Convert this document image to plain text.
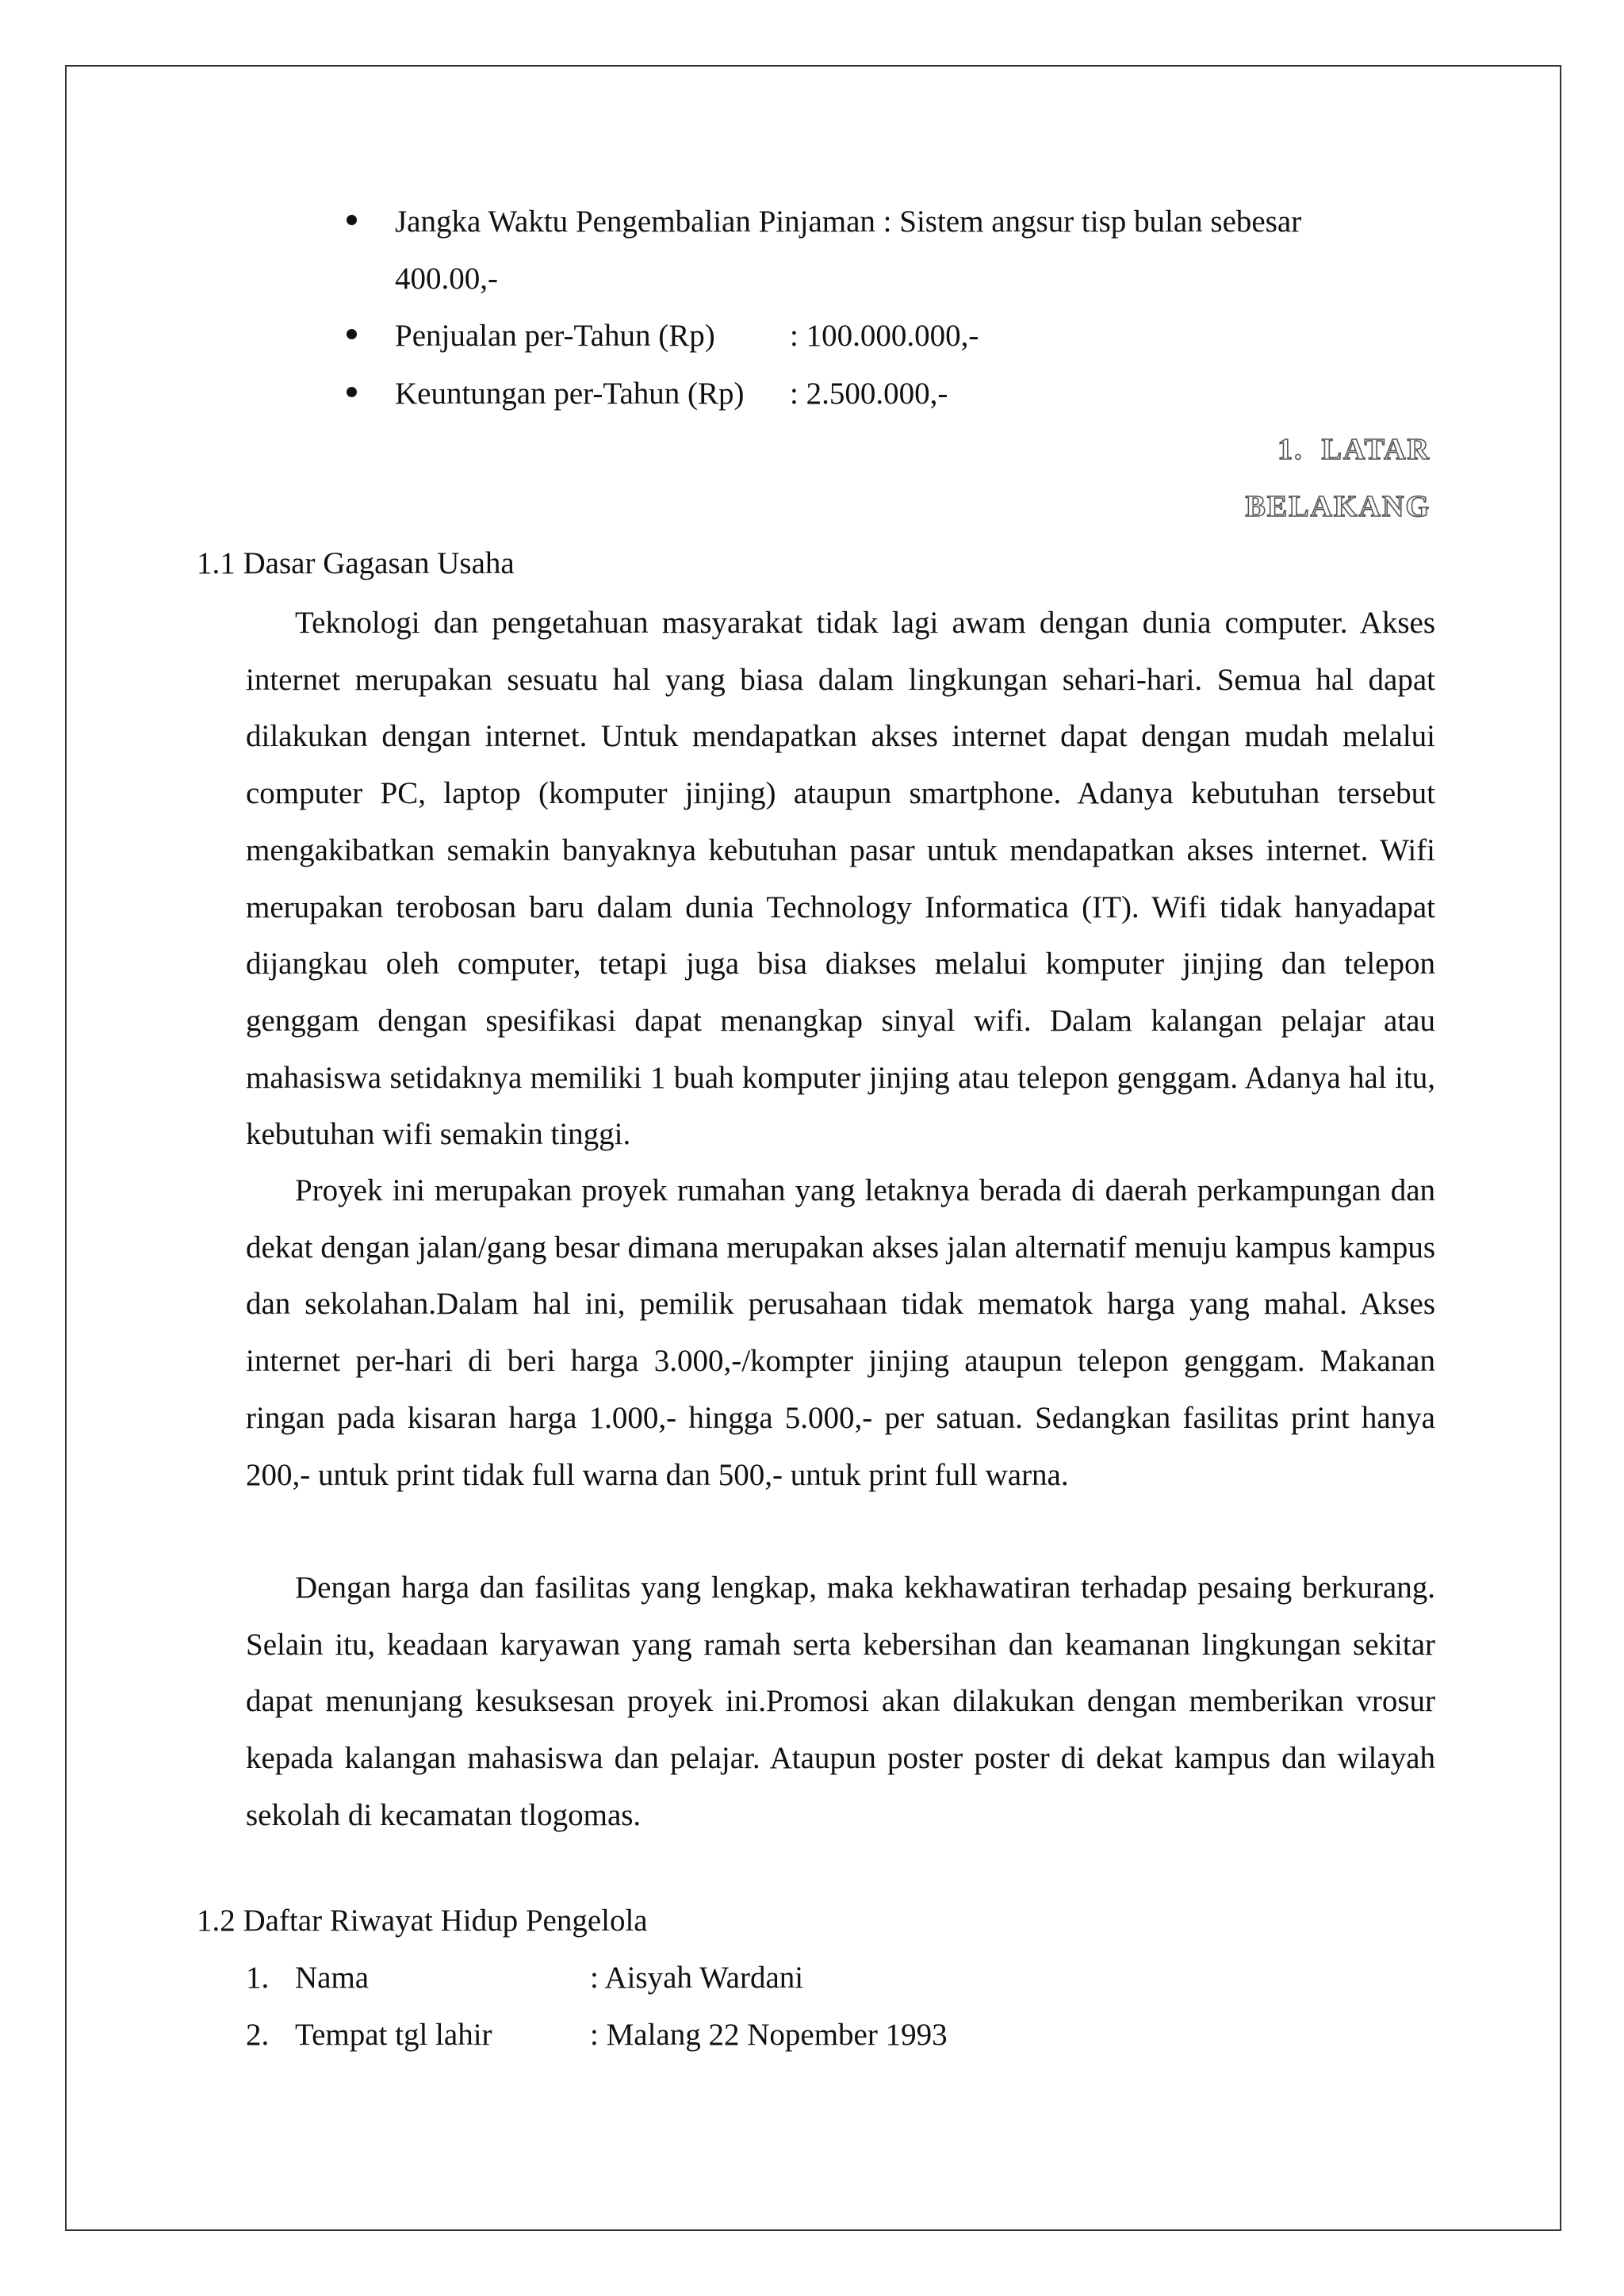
Jangka Waktu Pengembalian Pinjaman : Sistem angsur tisp bulan sebesar
400.00,-
Penjualan per-Tahun (Rp) : 100.000.000,-
Keuntungan per-Tahun (Rp) : 2.500.000,-
1.  LATAR
BELAKANG
1.1 Dasar Gagasan Usaha
Teknologi dan pengetahuan masyarakat tidak lagi awam dengan dunia computer. Akses internet merupakan sesuatu hal yang biasa dalam lingkungan sehari-hari. Semua hal dapat dilakukan dengan internet. Untuk mendapatkan akses internet dapat dengan mudah melalui computer PC, laptop (komputer jinjing) ataupun smartphone. Adanya kebutuhan tersebut mengakibatkan semakin banyaknya kebutuhan pasar untuk mendapatkan akses internet. Wifi merupakan terobosan baru dalam dunia Technology Informatica (IT). Wifi tidak hanyadapat dijangkau oleh computer, tetapi juga bisa diakses melalui komputer jinjing dan telepon genggam dengan spesifikasi dapat menangkap sinyal wifi. Dalam kalangan pelajar atau mahasiswa setidaknya memiliki 1 buah komputer jinjing atau telepon genggam. Adanya hal itu, kebutuhan wifi semakin tinggi.
Proyek ini merupakan proyek rumahan yang letaknya berada di daerah perkampungan dan dekat dengan jalan/gang besar dimana merupakan akses jalan alternatif menuju kampus kampus dan sekolahan.Dalam hal ini, pemilik perusahaan tidak mematok harga yang mahal. Akses internet per-hari di beri harga 3.000,-/kompter jinjing ataupun telepon genggam. Makanan ringan pada kisaran harga 1.000,- hingga 5.000,- per satuan. Sedangkan fasilitas print hanya 200,- untuk print tidak full warna dan 500,- untuk print full warna.
Dengan harga dan fasilitas yang lengkap, maka kekhawatiran terhadap pesaing berkurang. Selain itu, keadaan karyawan yang ramah serta kebersihan dan keamanan lingkungan sekitar dapat menunjang kesuksesan proyek ini.Promosi akan dilakukan dengan memberikan vrosur kepada kalangan mahasiswa dan pelajar. Ataupun poster poster di dekat kampus dan wilayah sekolah di kecamatan tlogomas.
1.2 Daftar Riwayat Hidup Pengelola
1. Nama	: Aisyah Wardani
2. Tempat tgl lahir	: Malang 22 Nopember 1993
